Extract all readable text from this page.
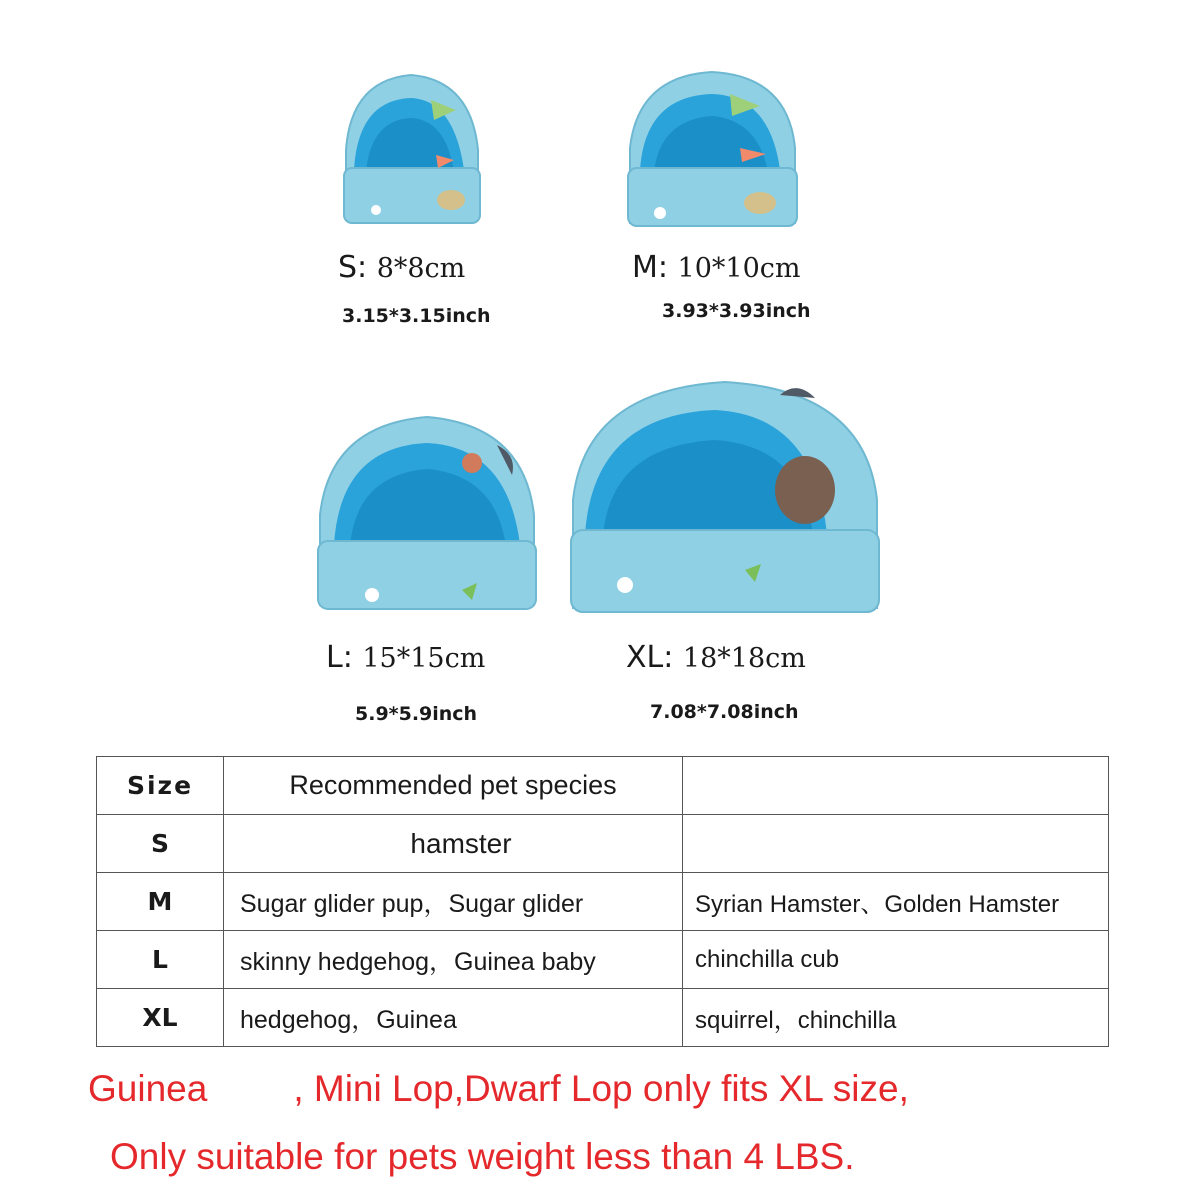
S: 8*8cm
3.15*3.15inch
M: 10*10cm
3.93*3.93inch
L: 15*15cm
5.9*5.9inch
XL: 18*18cm
7.08*7.08inch
Size	Recommended pet species	
S	hamster	
M	Sugar glider pup，Sugar glider	Syrian Hamster、Golden Hamster
L	skinny hedgehog，Guinea baby	chinchilla cub
XL	hedgehog，Guinea	squirrel，chinchilla
Guinea , Mini Lop,Dwarf Lop only fits XL size,
Only suitable for pets weight less than 4 LBS.
